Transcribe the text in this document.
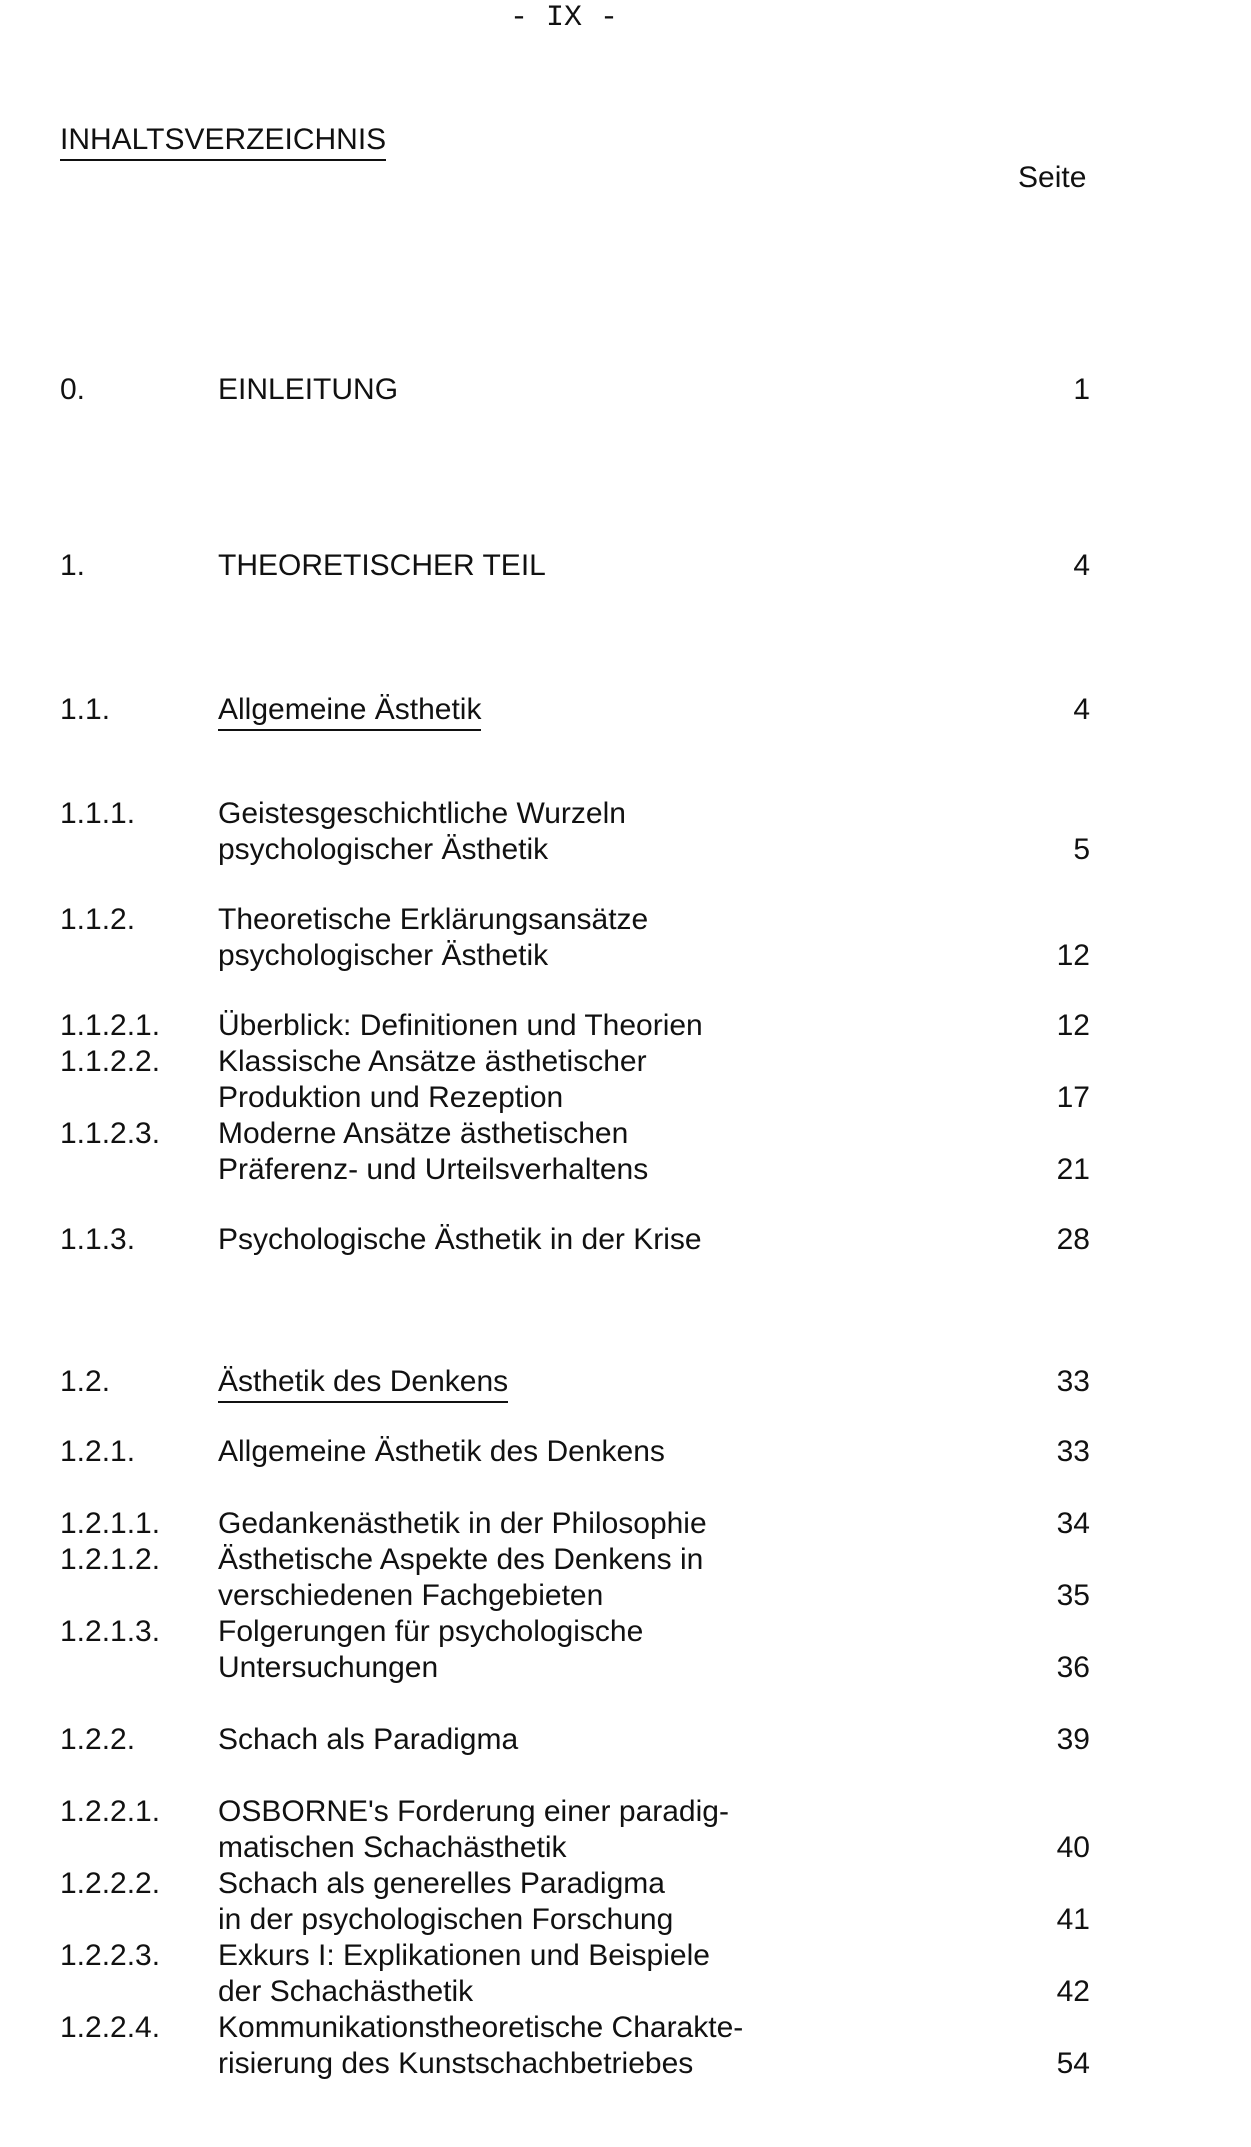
- IX -
INHALTSVERZEICHNIS
Seite
0.	EINLEITUNG	1
1.	THEORETISCHER TEIL	4
1.1.	Allgemeine Ästhetik	4
1.1.1.	Geistesgeschichtliche Wurzeln
psychologischer Ästhetik	5
1.1.2.	Theoretische Erklärungsansätze
psychologischer Ästhetik	12
1.1.2.1. Überblick: Definitionen und Theorien	12
1.1.2.2. Klassische Ansätze ästhetischer
Produktion und Rezeption	17
1.1.2.3. Moderne Ansätze ästhetischen
Präferenz- und Urteilsverhaltens	21
1.1.3.	Psychologische Ästhetik in der Krise	28
1.2.	Ästhetik des Denkens	33
1.2.1.	Allgemeine Ästhetik des Denkens	33
1.2.1.1. Gedankenästhetik in der Philosophie	34
1.2.1.2. Ästhetische Aspekte des Denkens in
verschiedenen Fachgebieten	35
1.2.1.3. Folgerungen für psychologische
Untersuchungen	36
1.2.2.	Schach als Paradigma	39
1.2.2.1. OSBORNE's Forderung einer paradig-
matischen Schachästhetik	40
1.2.2.2. Schach als generelles Paradigma
in der psychologischen Forschung	41
1.2.2.3. Exkurs I: Explikationen und Beispiele
der Schachästhetik	42
1.2.2.4. Kommunikationstheoretische Charakte-
risierung des Kunstschachbetriebes	54
